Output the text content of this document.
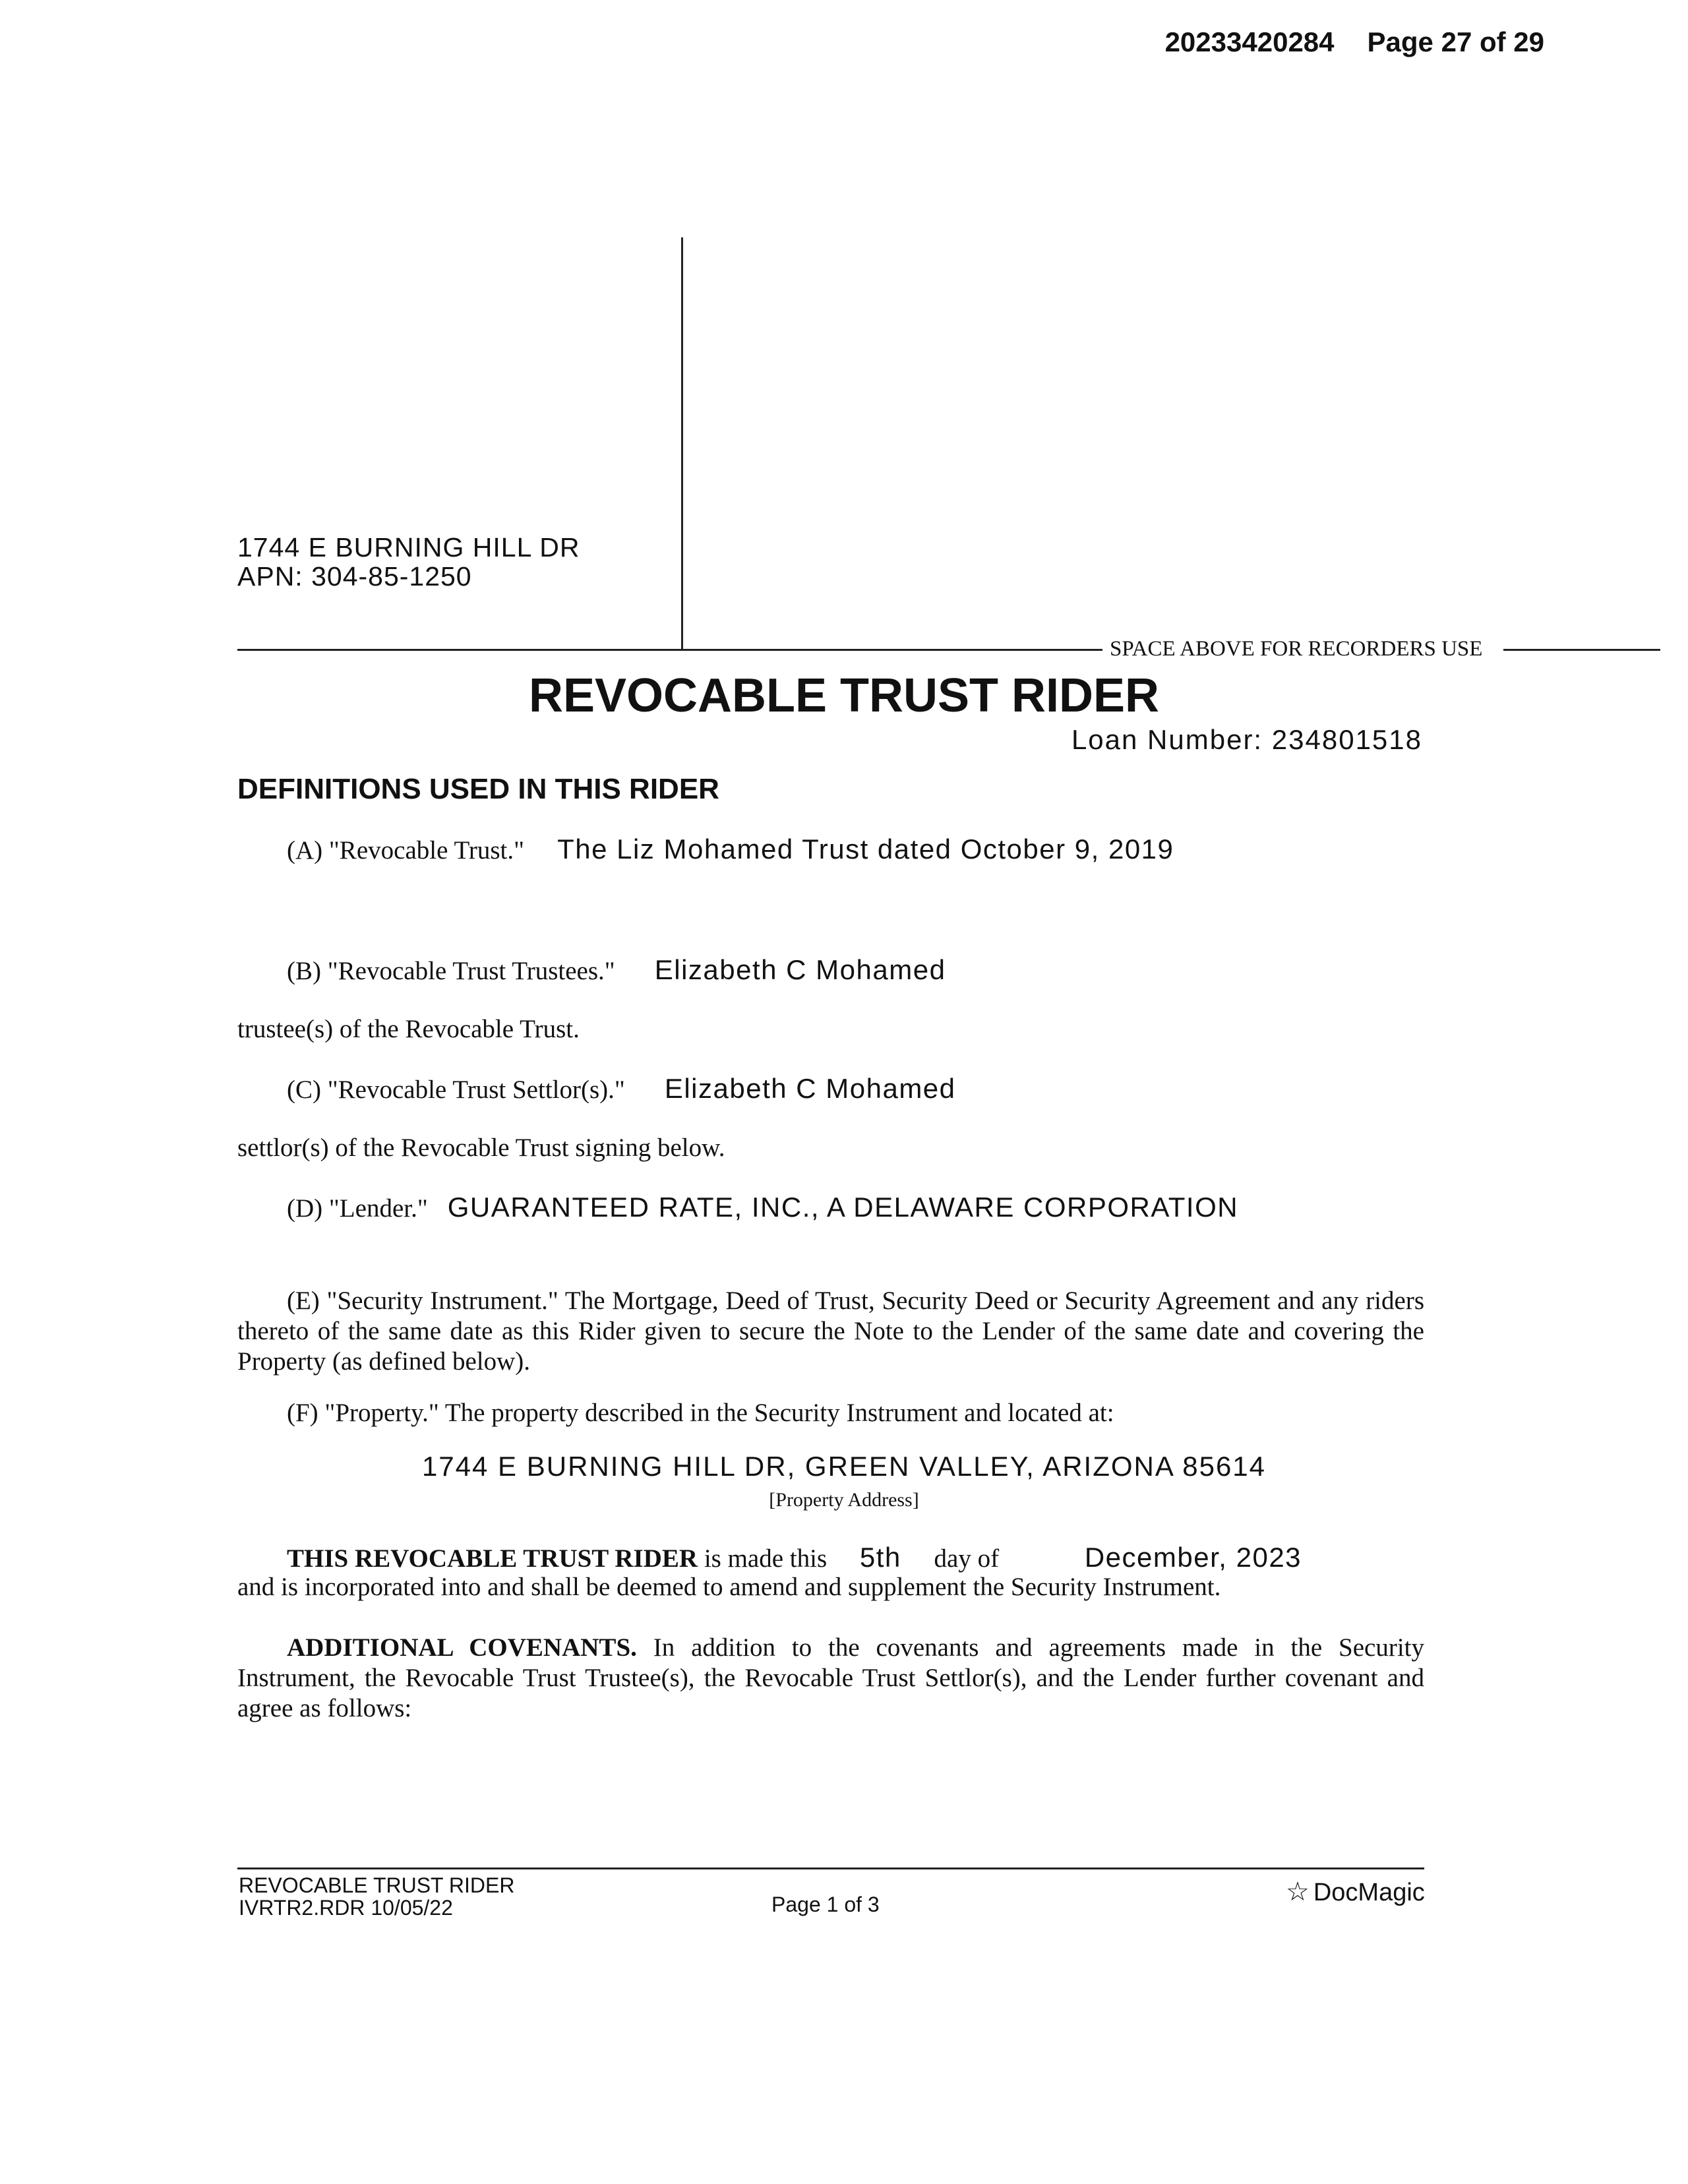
20233420284 Page 27 of 29
1744 E BURNING HILL DR
APN: 304-85-1250
SPACE ABOVE FOR RECORDERS USE
REVOCABLE TRUST RIDER
Loan Number: 234801518
DEFINITIONS USED IN THIS RIDER
(A) "Revocable Trust." The Liz Mohamed Trust dated October 9, 2019
(B) "Revocable Trust Trustees." Elizabeth C Mohamed
trustee(s) of the Revocable Trust.
(C) "Revocable Trust Settlor(s)." Elizabeth C Mohamed
settlor(s) of the Revocable Trust signing below.
(D) "Lender." GUARANTEED RATE, INC., A DELAWARE CORPORATION
(E) "Security Instrument." The Mortgage, Deed of Trust, Security Deed or Security Agreement and any riders thereto of the same date as this Rider given to secure the Note to the Lender of the same date and covering the Property (as defined below).
(F) "Property." The property described in the Security Instrument and located at:
1744 E BURNING HILL DR, GREEN VALLEY, ARIZONA 85614
[Property Address]
THIS REVOCABLE TRUST RIDER is made this 5th day of	December, 2023
and is incorporated into and shall be deemed to amend and supplement the Security Instrument.
ADDITIONAL COVENANTS. In addition to the covenants and agreements made in the Security Instrument, the Revocable Trust Trustee(s), the Revocable Trust Settlor(s), and the Lender further covenant and agree as follows:
REVOCABLE TRUST RIDER
IVRTR2.RDR 10/05/22	Page 1 of 3	☆ DocMagic
